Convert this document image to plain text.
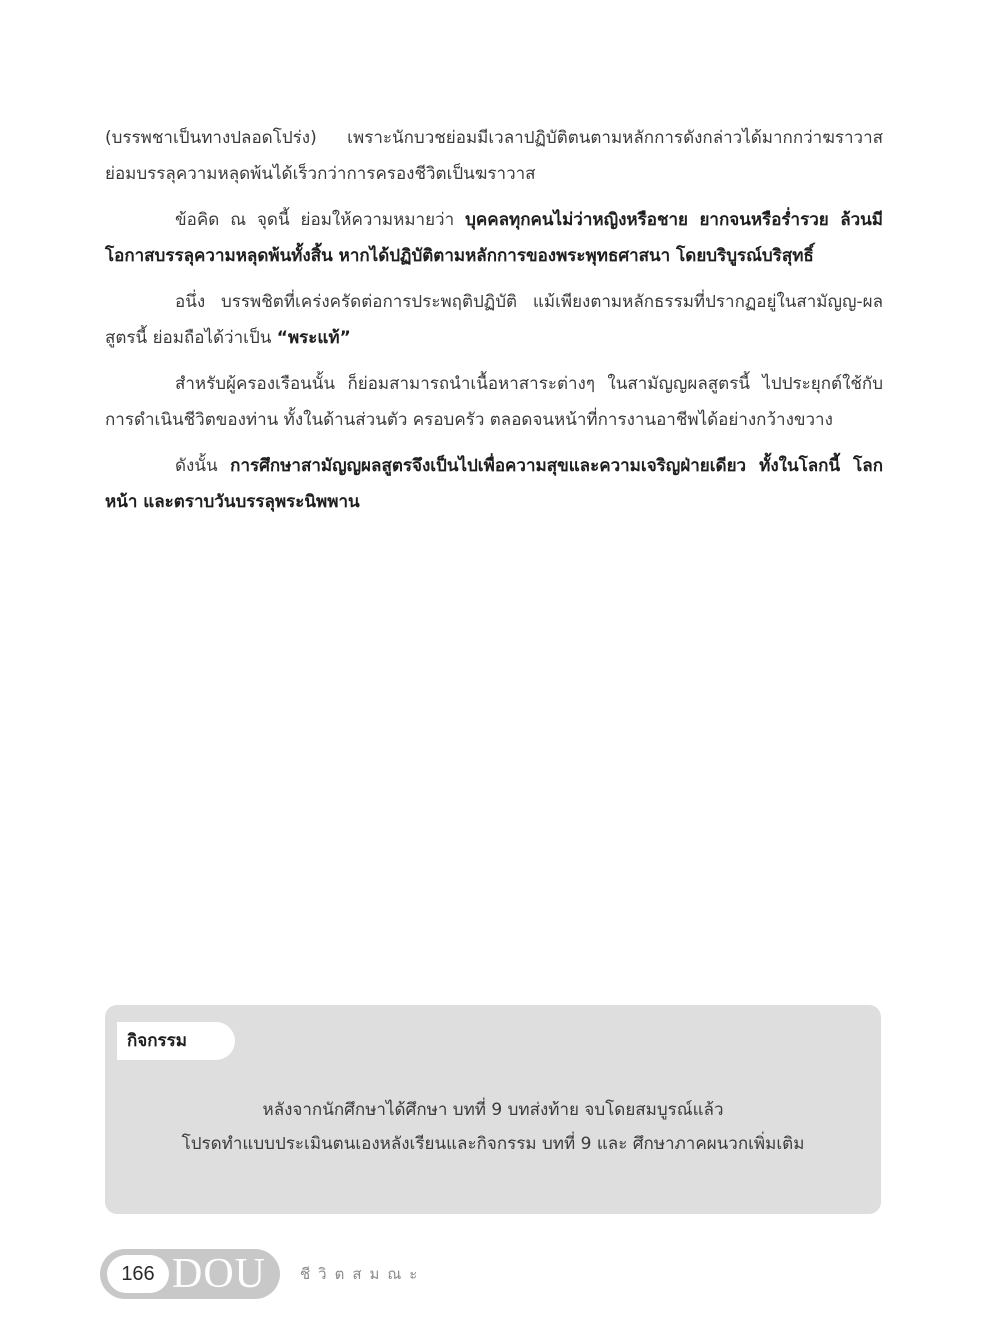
(บรรพชาเป็นทางปลอดโปร่ง) เพราะนักบวชย่อมมีเวลาปฏิบัติตนตามหลักการดังกล่าวได้มากกว่าฆราวาส ย่อมบรรลุความหลุดพ้นได้เร็วกว่าการครองชีวิตเป็นฆราวาส

ข้อคิด ณ จุดนี้ ย่อมให้ความหมายว่า บุคคลทุกคนไม่ว่าหญิงหรือชาย ยากจนหรือร่ำรวย ล้วนมีโอกาสบรรลุความหลุดพ้นทั้งสิ้น หากได้ปฏิบัติตามหลักการของพระพุทธศาสนา โดยบริบูรณ์บริสุทธิ์

อนึ่ง บรรพชิตที่เคร่งครัดต่อการประพฤติปฏิบัติ แม้เพียงตามหลักธรรมที่ปรากฏอยู่ในสามัญญ-ผลสูตรนี้ ย่อมถือได้ว่าเป็น “พระแท้”

สำหรับผู้ครองเรือนนั้น ก็ย่อมสามารถนำเนื้อหาสาระต่างๆ ในสามัญญผลสูตรนี้ ไปประยุกต์ใช้กับการดำเนินชีวิตของท่าน ทั้งในด้านส่วนตัว ครอบครัว ตลอดจนหน้าที่การงานอาชีพได้อย่างกว้างขวาง

ดังนั้น การศึกษาสามัญญผลสูตรจึงเป็นไปเพื่อความสุขและความเจริญฝ่ายเดียว ทั้งในโลกนี้ โลกหน้า และตราบวันบรรลุพระนิพพาน

กิจกรรม
หลังจากนักศึกษาได้ศึกษา บทที่ 9 บทส่งท้าย จบโดยสมบูรณ์แล้ว
โปรดทำแบบประเมินตนเองหลังเรียนและกิจกรรม บทที่ 9 และ ศึกษาภาคผนวกเพิ่มเติม
166 DOU ชีวิตสมณะ
